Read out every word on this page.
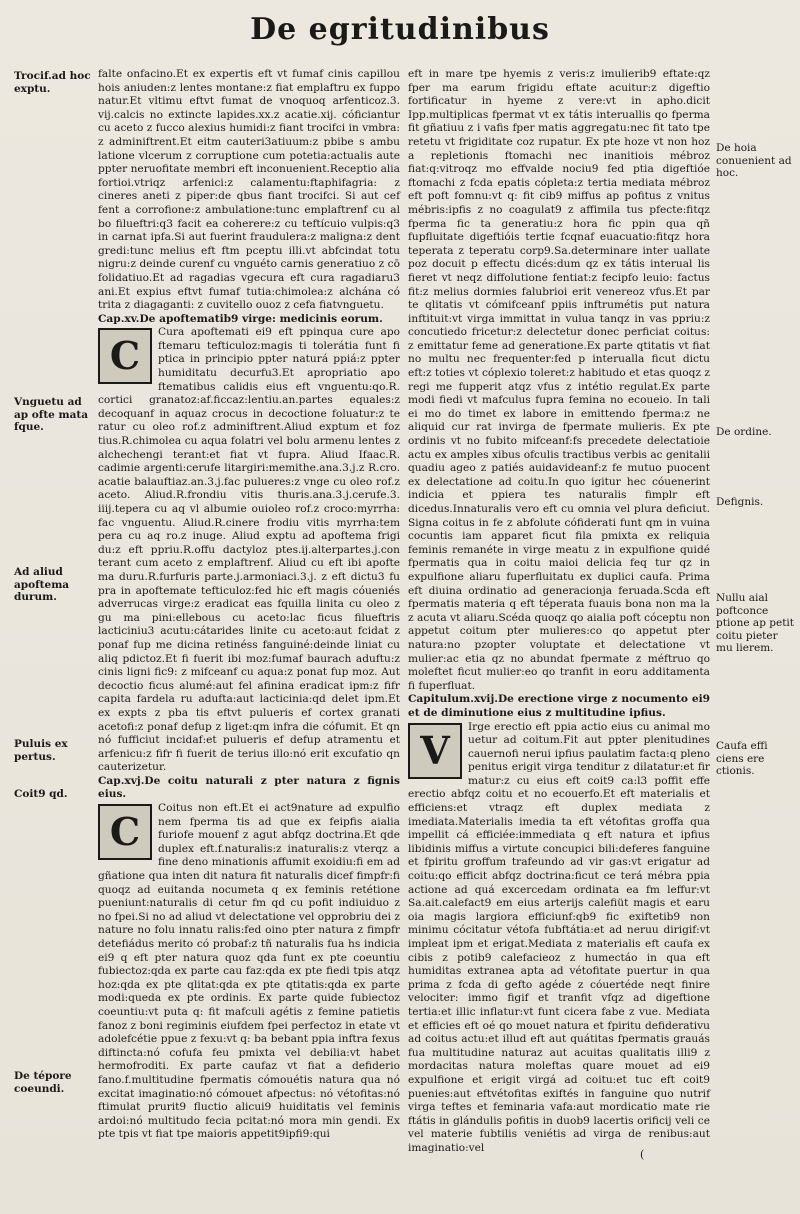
De egritudinibus
Trocif.ad hoc exptu.
Vnguetu ad ap ofte mata fque.
Ad aliud apoftema durum.
Puluis ex pertus.
Coit9 qd.
De tépore coeundi.

falte onfacino.Et ex expertis eft vt fumaf cinis capillou hois aniuden:z lentes montane:z fiat emplaftru ex fuppo natur.Et vltimu eftvt fumat de vnoquoq arfenticoz.3. vij.calcis no extincte lapides.xx.z acatie.xij. cóficiantur cu aceto z fucco alexius humidi:z fiant trocifci in vmbra: z adminiftrent.Et eitm cauteri3atiuum:z pbibe s ambu latione vlcerum z corruptione cum potetia:actualis aute ppter neruofitate membri eft inconuenient.Receptio alia fortioi.vtriqz arfenici:z calamentu:ftaphifagria: z cineres aneti z piper:de qbus fiant trocifci. Si aut cef fent a corrofione:z ambulatione:tunc emplaftrenf cu al bo filueftri:q3 facit ea coherere:z cu teftícuio vulpis:q3 in carnat ipfa.Si aut fuerint fraudulera:z maligna:z dent gredi:tunc melius eft ftm pceptu illi.vt abfcindat totu nigru:z deinde curenf cu vnguéto carnis generatiuo z cō folidatiuo.Et ad ragadias vgecura eft cura ragadiaru3 ani.Et expius eftvt fumaf tutia:chimolea:z alchána có trita z diagaganti: z cuvitello ouoz z cefa fiatvnguetu.

Cap.xv.De apoftematib9 virge: medicinis eorum.

C
Cura apoftemati ei9 eft ppinqua cure apo ftemaru tefticuloz:magis ti tolerátia funt fi ptica in principio ppter naturá ppiá:z ppter humiditatu decurfu3.Et apropriatio apo ftematibus calidis eius eft vnguentu:qo.R. cortici granatoz:af.ficcaz:lentiu.an.partes equales:z decoquanf in aquaz crocus in decoctione foluatur:z te ratur cu oleo rof.z adminiftrent.Aliud exptum et foz tius.R.chimolea cu aqua folatri vel bolu armenu lentes z alchechengi terant:et fiat vt fupra. Aliud Ifaac.R. cadimie argenti:cerufe litargiri:memithe.ana.3.j.z R.cro. acatie balauftiaz.an.3.j.fac pulueres:z vnge cu oleo rof.z aceto. Aliud.R.frondiu vitis thuris.ana.3.j.cerufe.3. iiij.tepera cu aq vl albumie ouioleo rof.z croco:myrrha: fac vnguentu. Aliud.R.cinere frodiu vitis myrrha:tem pera cu aq ro.z inuge. Aliud exptu ad apoftema frigi du:z eft ppriu.R.offu dactyloz ptes.ij.alterpartes.j.con terant cum aceto z emplaftrenf. Aliud cu eft ibi apofte ma duru.R.furfuris parte.j.armoniaci.3.j. z eft dictu3 fu pra in apoftemate tefticuloz:fed hic eft magis cóueniés adverrucas virge:z eradicat eas fquilla linita cu oleo z gu ma pini:ellebous cu aceto:lac ficus filueftris lacticiniu3 acutu:cátarides linite cu aceto:aut fcidat z ponaf fup me dicina retinéss fanguiné:deinde liniat cu aliq pdictoz.Et fi fuerit ibi moz:fumaf baurach aduftu:z cinis ligni fic9: z mifceanf cu aqua:z ponat fup moz. Aut decoctio ficus alumé:aut fel afinina eradicat ipm:z fifr capita fardela ru adufta:aut lacticinia:qd delet ipm.Et ex expts z pba tis eftvt pulueris ef cortex granati acetofi:z ponaf defup z liget:qm infra die cófumit. Et qn nó fufficiut incidaf:et pulueris ef defup atramentu et arfenicu:z fifr fi fuerit de terius illo:nó erit excufatio qn cauterizetur.

Cap.xvj.De coitu naturali z pter natura z fignis eius.

C
Coitus non eft.Et ei act9nature ad expulfio nem fperma tis ad que ex feipfis aialia furiofe mouenf z agut abfqz doctrina.Et qde duplex eft.f.naturalis:z inaturalis:z vterqz a fine deno minationis affumit exoidiu:fi em ad gñatione qua inten dit natura fit naturalis dicef fimpfr:fi quoqz ad euitanda nocumeta q ex feminis retétione pueniunt:naturalis di cetur fm qd cu pofit indiuiduo z no fpei.Si no ad aliud vt delectatione vel opprobriu dei z nature no folu innatu ralis:fed oino pter natura z fimpfr detefiádus merito có probaf:z tñ naturalis fua hs indicia ei9 q eft pter natura quoz qda funt ex pte coeuntiu fubiectoz:qda ex parte cau faz:qda ex pte fiedi tpis atqz hoz:qda ex pte qlitat:qda ex pte qtitatis:qda ex parte modi:queda ex pte ordinis. Ex parte quide fubiectoz coeuntiu:vt puta q: fit mafculi agétis z femine patietis fanoz z boni regiminis eiufdem fpei perfectoz in etate vt adolefcétie ppue z fexu:vt q: ba bebant ppia inftra fexus diftincta:nó cofufa feu pmixta vel debilia:vt habet hermofroditi. Ex parte caufaz vt fiat a defiderio fano.f.multitudine fpermatis cómouétis natura qua nó excitat imaginatio:nó cómouet afpectus: nó vétofitas:nó ftimulat prurit9 fluctio alicui9 huiditatis vel feminis ardoi:nó multitudo fecia pcitat:nó mora min gendi. Ex pte tpis vt fiat tpe maioris appetit9ipfi9:qui

eft in mare tpe hyemis z veris:z imulierib9 eftate:qz fper ma earum frigidu eftate acuitur:z digeftio fortificatur in hyeme z vere:vt in apho.dicit Ipp.multiplicas fpermat vt ex tátis interuallis qo fperma fit gñatiuu z i vafis fper matis aggregatu:nec fit tato tpe retetu vt frigiditate coz rupatur. Ex pte hoze vt non hoz a repletionis ftomachi nec inanitiois mébroz fiat:q:vitroqz mo effvalde nociu9 fed ptia digeftióe ftomachi z fcda epatis cópleta:z tertia mediata mébroz eft poft fomnu:vt q: fit cib9 miffus ap pofitus z vnitus mébris:ipfis z no coagulat9 z affimila tus pfecte:fitqz fperma fic ta generatiu:z hora fic ppin qua qñ fupfluitate digeftióis tertie fcqnaf euacuatio:fitqz hora teperata z teperatu corp9.Sa.determinare inter uallate poz docuit p effectu dicés:dum qz ex tátis interual lis fieret vt neqz diffolutione fentiat:z fecipfo leuio: factus fit:z melius dormies falubrioi erit venereoz vfus.Et par te qlitatis vt cómifceanf ppiis inftrumétis put natura inftituit:vt virga immittat in vulua tanqz in vas ppriu:z concutiedo fricetur:z delectetur donec perficiat coitus: z emittatur feme ad generatione.Ex parte qtitatis vt fiat no multu nec frequenter:fed p interualla ficut dictu eft:z toties vt cóplexio toleret:z habitudo et etas quoqz z regi me fupperit atqz vfus z intétio regulat.Ex parte modi fiedi vt mafculus fupra femina no ecoueio. In tali ei mo do timet ex labore in emittendo fperma:z ne aliquid cur rat invirga de fpermate mulieris. Ex pte ordinis vt no fubito mifceanf:fs precedete delectatioie actu ex amples xibus ofculis tractibus verbis ac genitalii quadiu ageo z patiés auidavideanf:z fe mutuo puocent ex delectatione ad coitu.In quo igitur hec cóuenerint indicia et ppiera tes naturalis fimplr eft dicedus.Innaturalis vero eft cu omnia vel plura deficiut. Signa coitus in fe z abfolute cófiderati funt qm in vuina cocuntis iam apparet ficut fila pmixta ex reliquia feminis remanéte in virge meatu z in expulfione quidé fpermatis qua in coitu maioi delicia feq tur qz in expulfione aliaru fuperfluitatu ex duplici caufa. Prima eft diuina ordinatio ad generacionja feruada.Scda eft fpermatis materia q eft téperata fuauis bona non ma la z acuta vt aliaru.Scéda quoqz qo aialia poft cóceptu non appetut coitum pter mulieres:co qo appetut pter natura:no pzopter voluptate et delectatione vt mulier:ac etia qz no abundat fpermate z méftruo qo moleftet ficut mulier:eo qo tranfit in eoru additamenta fi fuperfluat.

Capitulum.xvij.De erectione virge z nocumento ei9 et de diminutione eius z multitudine ipfius.

V
Irge erectio eft ppia actio eius cu animal mo uetur ad coitum.Fit aut ppter plenitudines cauernofi nerui ipfius paulatim facta:q pleno penitus erigit virga tenditur z dilatatur:et fir matur:z cu eius eft coit9 ca:l3 poffit effe erectio abfqz coitu et no ecouerfo.Et eft materialis et efficiens:et vtraqz eft duplex mediata z imediata.Materialis imedia ta eft vétofitas groffa qua impellit cá efficiée:immediata q eft natura et ipfius libidinis miffus a virtute concupici bili:deferes fanguine et fpiritu groffum trafeundo ad vir gas:vt erigatur ad coitu:qo efficit abfqz doctrina:ficut ce terá mébra ppia actione ad quá excercedam ordinata ea fm leffur:vt Sa.ait.calefact9 em eius arterijs calefiüt magis et earu oia magis largiora efficiunf:qb9 fic exiftetib9 non minimu cócitatur vétofa fubftátia:et ad neruu dirigif:vt impleat ipm et erigat.Mediata z materialis eft caufa ex cibis z potib9 calefacieoz z humectáo in qua eft humiditas extranea apta ad vétofitate puertur in qua prima z fcda di gefto agéde z cóuertéde neqt finire velociter: immo figif et tranfit vfqz ad digeftione tertia:et illic inflatur:vt funt cicera fabe z vue. Mediata et efficies eft oé qo mouet natura et fpiritu defiderativu ad coitus actu:et illud eft aut quátitas fpermatis grauás fua multitudine naturaz aut acuitas qualitatis illi9 z mordacitas natura moleftas quare mouet ad ei9 expulfione et erigit virgá ad coitu:et tuc eft coit9 puenies:aut eftvétofitas exiftés in fanguine quo nutrif virga teftes et feminaria vafa:aut mordicatio mate rie ftátis in glándulis pofitis in duob9 lacertis orificij veli ce vel materie fubtilis veniétis ad virga de renibus:aut imaginatio:vel

De hoia conuenient ad hoc.
De ordine.
Defignis.
Nullu aial poftconce ptione ap petit coitu pieter mu lierem.
Caufa effi ciens ere ctionis.
(
